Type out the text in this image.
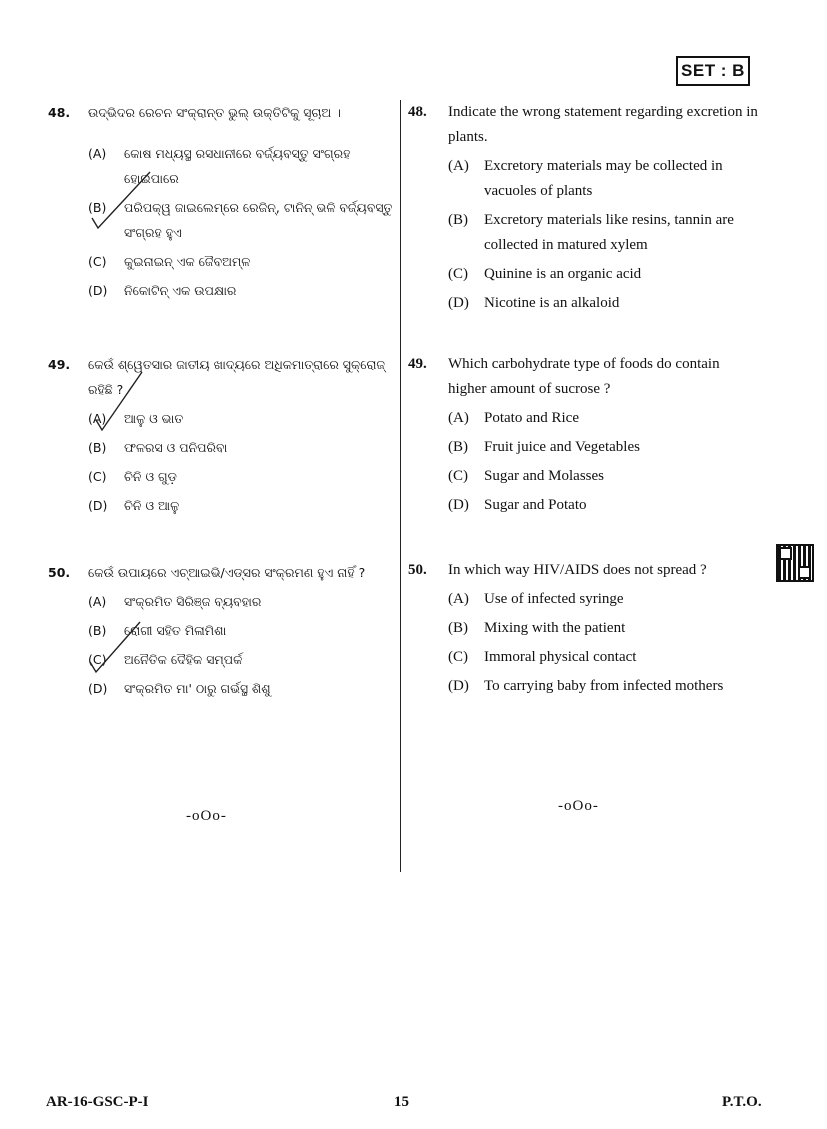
SET : B
48.	ଉଦ୍ଭିଦର ରେଚନ ସଂକ୍ରାନ୍ତ ଭୁଲ୍ ଉକ୍ତିଟିକୁ ସୂଚାଅ ।
(A)	କୋଷ ମଧ୍ୟସ୍ଥ ରସଧାନୀରେ ବର୍ଜ୍ୟବସ୍ତୁ ସଂଗ୍ରହ ହୋଇପାରେ
(B)	ପରିପକ୍ୱ ଜାଇଲେମ୍‌ରେ ରେଜିନ୍, ଟାନିନ୍ ଭଳି ବର୍ଜ୍ୟବସ୍ତୁ ସଂଗ୍ରହ ହୁଏ
(C)	କୁଇନାଇନ୍ ଏକ ଜୈବଅମ୍ଳ
(D)	ନିକୋଟିନ୍ ଏକ ଉପକ୍ଷାର
49.	କେଉଁ ଶ୍ୱେତସାର ଜାତୀୟ ଖାଦ୍ୟରେ ଅଧିକମାତ୍ରାରେ ସୁକ୍ରୋଜ୍ ରହିଛି ?
(A)	ଆଳୁ ଓ ଭାତ
(B)	ଫଳରସ ଓ ପନିପରିବା
(C)	ଚିନି ଓ ଗୁଡ଼
(D)	ଚିନି ଓ ଆଳୁ
50.	କେଉଁ ଉପାୟରେ ଏଚ୍‌ଆଇଭି/ଏଡ୍‌ସର ସଂକ୍ରମଣ ହୁଏ ନାହିଁ ?
(A)	ସଂକ୍ରମିତ ସିରିଞ୍ଜ ବ୍ୟବହାର
(B)	ରୋଗୀ ସହିତ ମିଳାମିଶା
(C)	ଅନୈତିକ ଦୈହିକ ସମ୍ପର୍କ
(D)	ସଂକ୍ରମିତ ମା' ଠାରୁ ଗର୍ଭସ୍ଥ ଶିଶୁ
-oOo-
48.	Indicate the wrong statement regarding excretion in plants.
(A)	Excretory materials may be collected in vacuoles of plants
(B)	Excretory materials like resins, tannin are collected in matured xylem
(C)	Quinine is an organic acid
(D)	Nicotine is an alkaloid
49.	Which carbohydrate type of foods do contain higher amount of sucrose ?
(A)	Potato and Rice
(B)	Fruit juice and Vegetables
(C)	Sugar and Molasses
(D)	Sugar and Potato
50.	In which way HIV/AIDS does not spread ?
(A)	Use of infected syringe
(B)	Mixing with the patient
(C)	Immoral physical contact
(D)	To carrying baby from infected mothers
-oOo-
AR-16-GSC-P-I	15	P.T.O.
